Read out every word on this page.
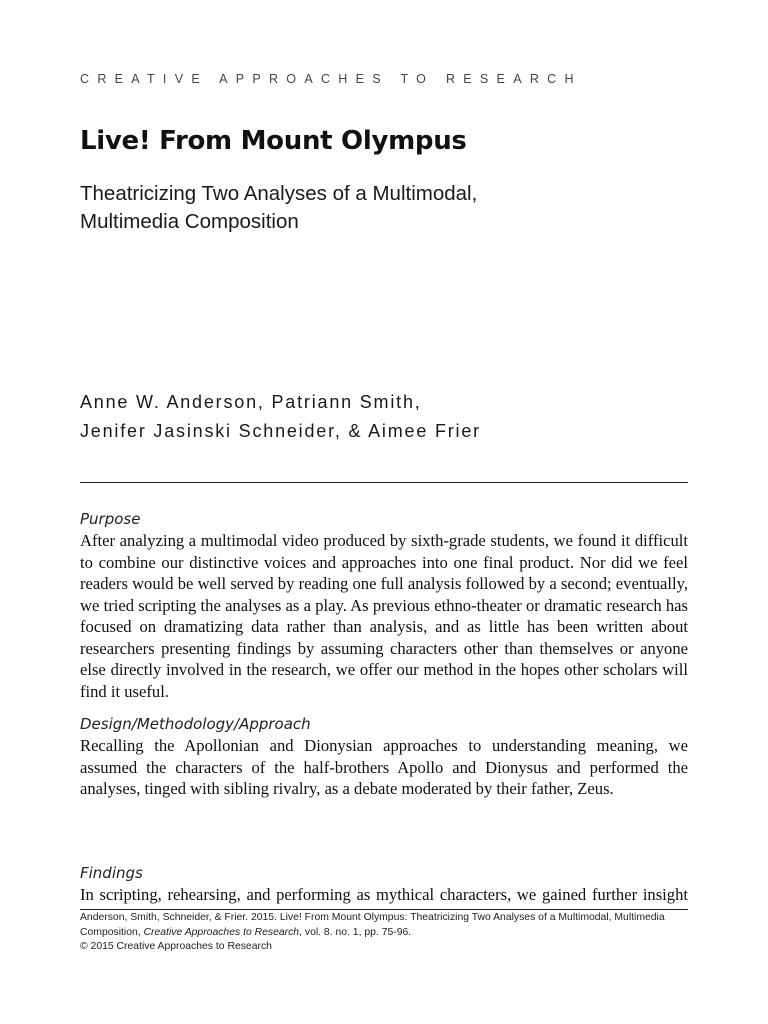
CREATIVE APPROACHES TO RESEARCH
Live! From Mount Olympus
Theatricizing Two Analyses of a Multimodal,
Multimedia Composition
Anne W. Anderson, Patriann Smith,
Jenifer Jasinski Schneider, & Aimee Frier

Purpose

After analyzing a multimodal video produced by sixth-grade students, we found it difficult to combine our distinctive voices and approaches into one final product. Nor did we feel readers would be well served by reading one full analysis followed by a second; eventually, we tried scripting the analyses as a play. As previous ethno-theater or dramatic research has focused on dramatizing data rather than analysis, and as little has been written about researchers presenting findings by assuming characters other than themselves or anyone else directly involved in the research, we offer our method in the hopes other scholars will find it useful.

Design/Methodology/Approach

Recalling the Apollonian and Dionysian approaches to understanding meaning, we assumed the characters of the half-brothers Apollo and Dionysus and performed the analyses, tinged with sibling rivalry, as a debate moderated by their father, Zeus.

Findings

In scripting, rehearsing, and performing as mythical characters, we gained further insight

Anderson, Smith, Schneider, & Frier. 2015. Live! From Mount Olympus: Theatricizing Two Analyses of a Multimodal, Multimedia
Composition, Creative Approaches to Research, vol. 8. no. 1, pp. 75-96.
© 2015 Creative Approaches to Research
